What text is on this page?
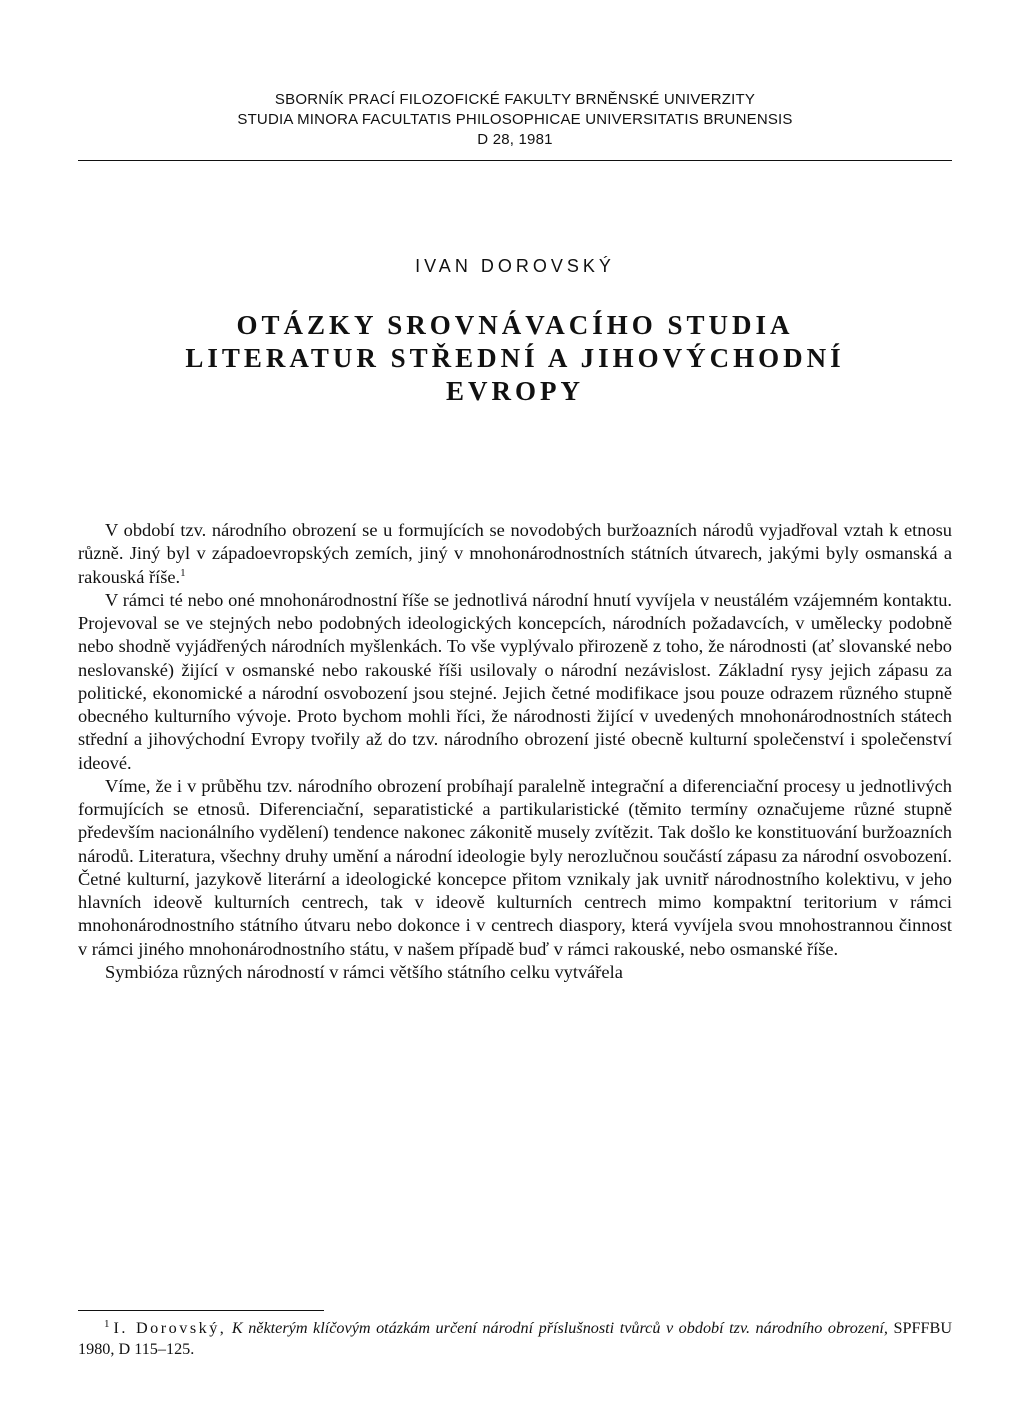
SBORNÍK PRACÍ FILOZOFICKÉ FAKULTY BRNĚNSKÉ UNIVERZITY
STUDIA MINORA FACULTATIS PHILOSOPHICAE UNIVERSITATIS BRUNENSIS
D 28, 1981
IVAN DOROVSKÝ
OTÁZKY SROVNÁVACÍHO STUDIA
LITERATUR STŘEDNÍ A JIHOVÝCHODNÍ
EVROPY

V období tzv. národního obrození se u formujících se novodobých buržoazních národů vyjadřoval vztah k etnosu různě. Jiný byl v západoevropských zemích, jiný v mnohonárodnostních státních útvarech, jakými byly osmanská a rakouská říše.$^1$

V rámci té nebo oné mnohonárodnostní říše se jednotlivá národní hnutí vyvíjela v neustálém vzájemném kontaktu. Projevoval se ve stejných nebo podobných ideologických koncepcích, národních požadavcích, v umělecky podobně nebo shodně vyjádřených národních myšlenkách. To vše vyplývalo přirozeně z toho, že národnosti (ať slovanské nebo neslovanské) žijící v osmanské nebo rakouské říši usilovaly o národní nezávislost. Základní rysy jejich zápasu za politické, ekonomické a národní osvobození jsou stejné. Jejich četné modifikace jsou pouze odrazem různého stupně obecného kulturního vývoje. Proto bychom mohli říci, že národnosti žijící v uvedených mnohonárodnostních státech střední a jihovýchodní Evropy tvořily až do tzv. národního obrození jisté obecně kulturní společenství i společenství ideové.

Víme, že i v průběhu tzv. národního obrození probíhají paralelně integrační a diferenciační procesy u jednotlivých formujících se etnosů. Diferenciační, separatistické a partikularistické (těmito termíny označujeme různé stupně především nacionálního vydělení) tendence nakonec zákonitě musely zvítězit. Tak došlo ke konstituování buržoazních národů. Literatura, všechny druhy umění a národní ideologie byly nerozlučnou součástí zápasu za národní osvobození. Četné kulturní, jazykově literární a ideologické koncepce přitom vznikaly jak uvnitř národnostního kolektivu, v jeho hlavních ideově kulturních centrech, tak v ideově kulturních centrech mimo kompaktní teritorium v rámci mnohonárodnostního státního útvaru nebo dokonce i v centrech diaspory, která vyvíjela svou mnohostrannou činnost v rámci jiného mnohonárodnostního státu, v našem případě buď v rámci rakouské, nebo osmanské říše.

Symbióza různých národností v rámci většího státního celku vytvářela

$^1$ I. Dorovský, K některým klíčovým otázkám určení národní příslušnosti tvůrců v období tzv. národního obrození, SPFFBU 1980, D 115–125.
